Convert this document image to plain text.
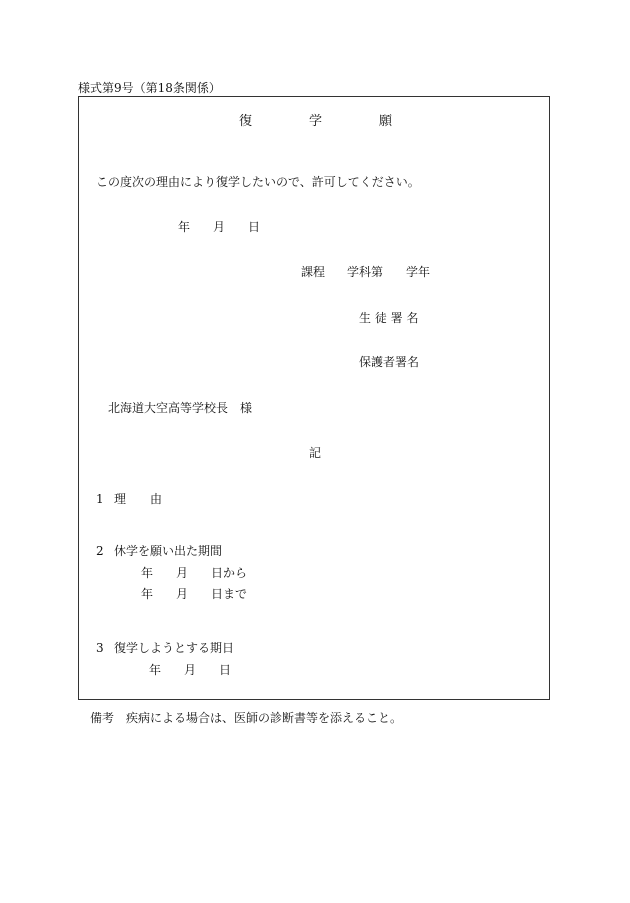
様式第9号（第18条関係）
復	学	願
この度次の理由により復学したいので、許可してください。
年 月 日
課程 学科第 学年
生 徒 署 名
保護者署名
北海道大空高等学校長　様
記
1 理　　由
2 休学を願い出た期間
年 月 日から
年 月 日まで
3 復学しようとする期日
年 月 日
備考　疾病による場合は、医師の診断書等を添えること。
